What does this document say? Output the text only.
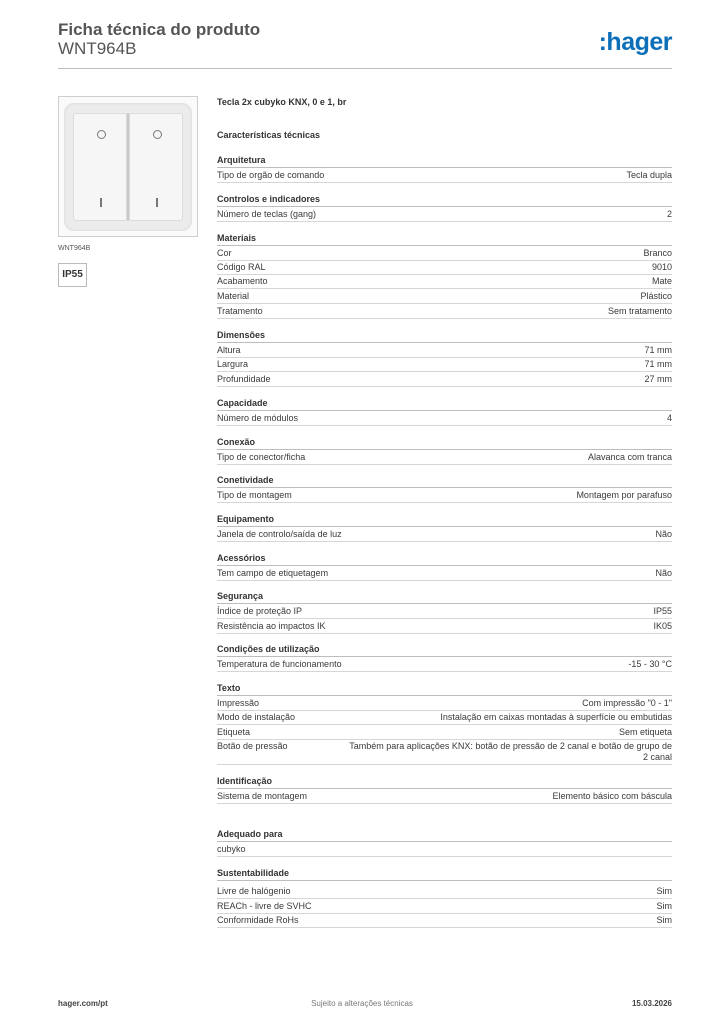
Ficha técnica do produto
WNT964B	:hager
WNT964B
IP55
Tecla 2x cubyko KNX, 0 e 1, br
Características técnicas
Arquitetura
Tipo de orgão de comando	Tecla dupla
Controlos e indicadores
Número de teclas (gang)	2
Materiais
Cor	Branco
Código RAL	9010
Acabamento	Mate
Material	Plástico
Tratamento	Sem tratamento
Dimensões
Altura	71 mm
Largura	71 mm
Profundidade	27 mm
Capacidade
Número de módulos	4
Conexão
Tipo de conector/ficha	Alavanca com tranca
Conetividade
Tipo de montagem	Montagem por parafuso
Equipamento
Janela de controlo/saída de luz	Não
Acessórios
Tem campo de etiquetagem	Não
Segurança
Índice de proteção IP	IP55
Resistência ao impactos IK	IK05
Condições de utilização
Temperatura de funcionamento	-15 - 30 °C
Texto
Impressão	Com impressão "0 - 1"
Modo de instalação	Instalação em caixas montadas à superfície ou embutidas
Etiqueta	Sem etiqueta
Botão de pressão	Também para aplicações KNX: botão de pressão de 2 canal e botão de grupo de 2 canal
Identificação
Sistema de montagem	Elemento básico com báscula
Adequado para
cubyko
Sustentabilidade
Livre de halógenio	Sim
REACh - livre de SVHC	Sim
Conformidade RoHs	Sim
Sujeito a alterações técnicas
hager.com/pt	15.03.2026
